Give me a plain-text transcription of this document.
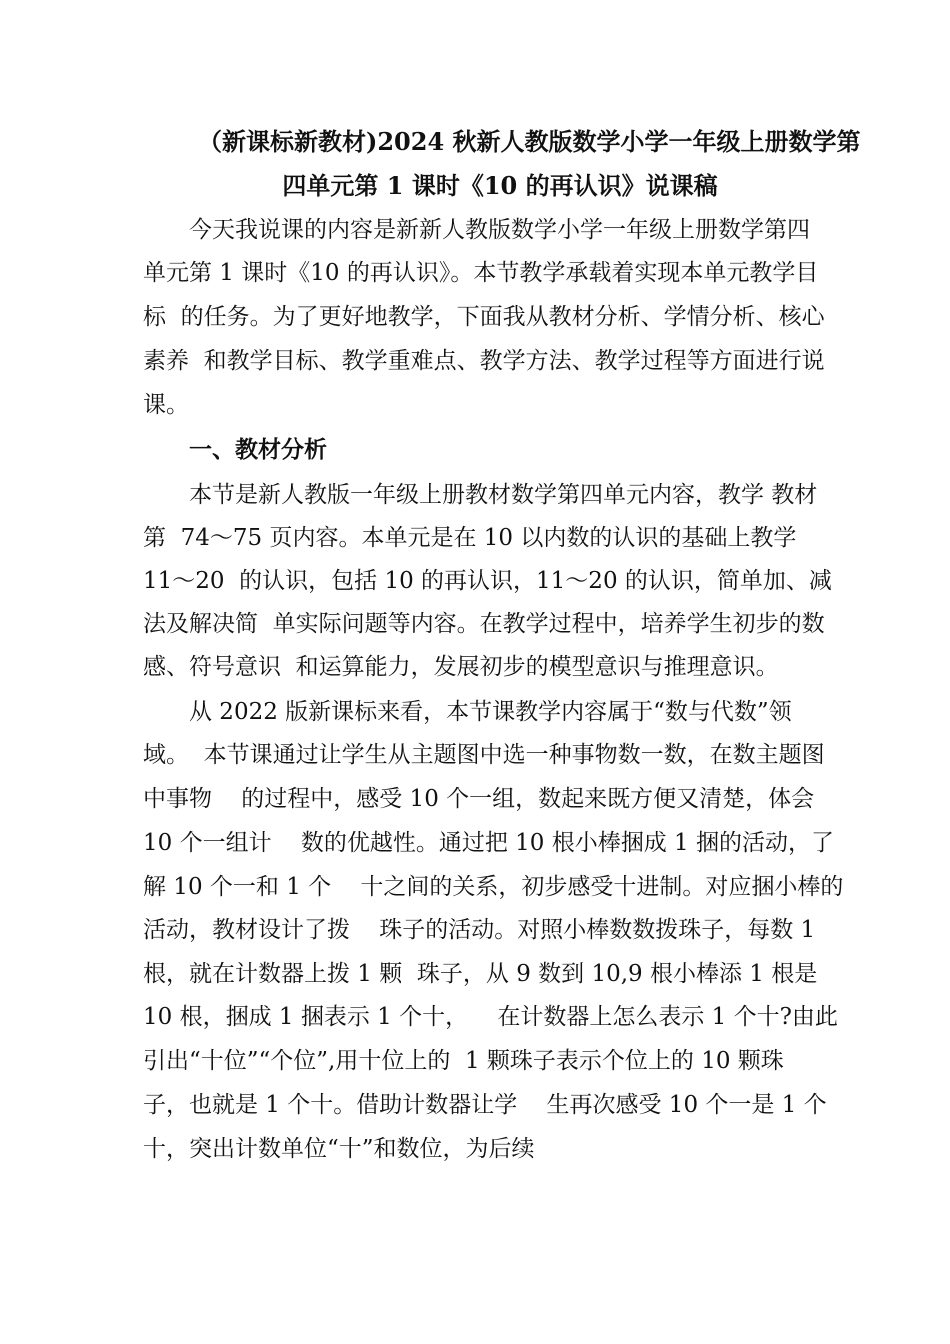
（新课标新教材)2024 秋新人教版数学小学一年级上册数学第
四单元第 1 课时《10 的再认识》说课稿
今天我说课的内容是新新人教版数学小学一年级上册数学第四
单元第 1 课时《10 的再认识》。本节教学承载着实现本单元教学目
标  的任务。为了更好地教学，下面我从教材分析、学情分析、核心
素养  和教学目标、教学重难点、教学方法、教学过程等方面进行说
课。
一、教材分析
本节是新人教版一年级上册教材数学第四单元内容，教学 教材
第  74～75 页内容。本单元是在 10 以内数的认识的基础上教学
11～20  的认识，包括 10 的再认识，11～20 的认识，简单加、减
法及解决简  单实际问题等内容。在教学过程中，培养学生初步的数
感、符号意识  和运算能力，发展初步的模型意识与推理意识。
从 2022 版新课标来看，本节课教学内容属于“数与代数”领
域。  本节课通过让学生从主题图中选一种事物数一数，在数主题图
中事物    的过程中，感受 10 个一组，数起来既方便又清楚，体会
10 个一组计    数的优越性。通过把 10 根小棒捆成 1 捆的活动，了
解 10 个一和 1 个    十之间的关系，初步感受十进制。对应捆小棒的
活动，教材设计了拨    珠子的活动。对照小棒数数拨珠子，每数 1
根，就在计数器上拨 1 颗  珠子，从 9 数到 10,9 根小棒添 1 根是
10 根，捆成 1 捆表示 1 个十，    在计数器上怎么表示 1 个十?由此
引出“十位”“个位”,用十位上的  1 颗珠子表示个位上的 10 颗珠
子，也就是 1 个十。借助计数器让学    生再次感受 10 个一是 1 个
十，突出计数单位“十”和数位，为后续
